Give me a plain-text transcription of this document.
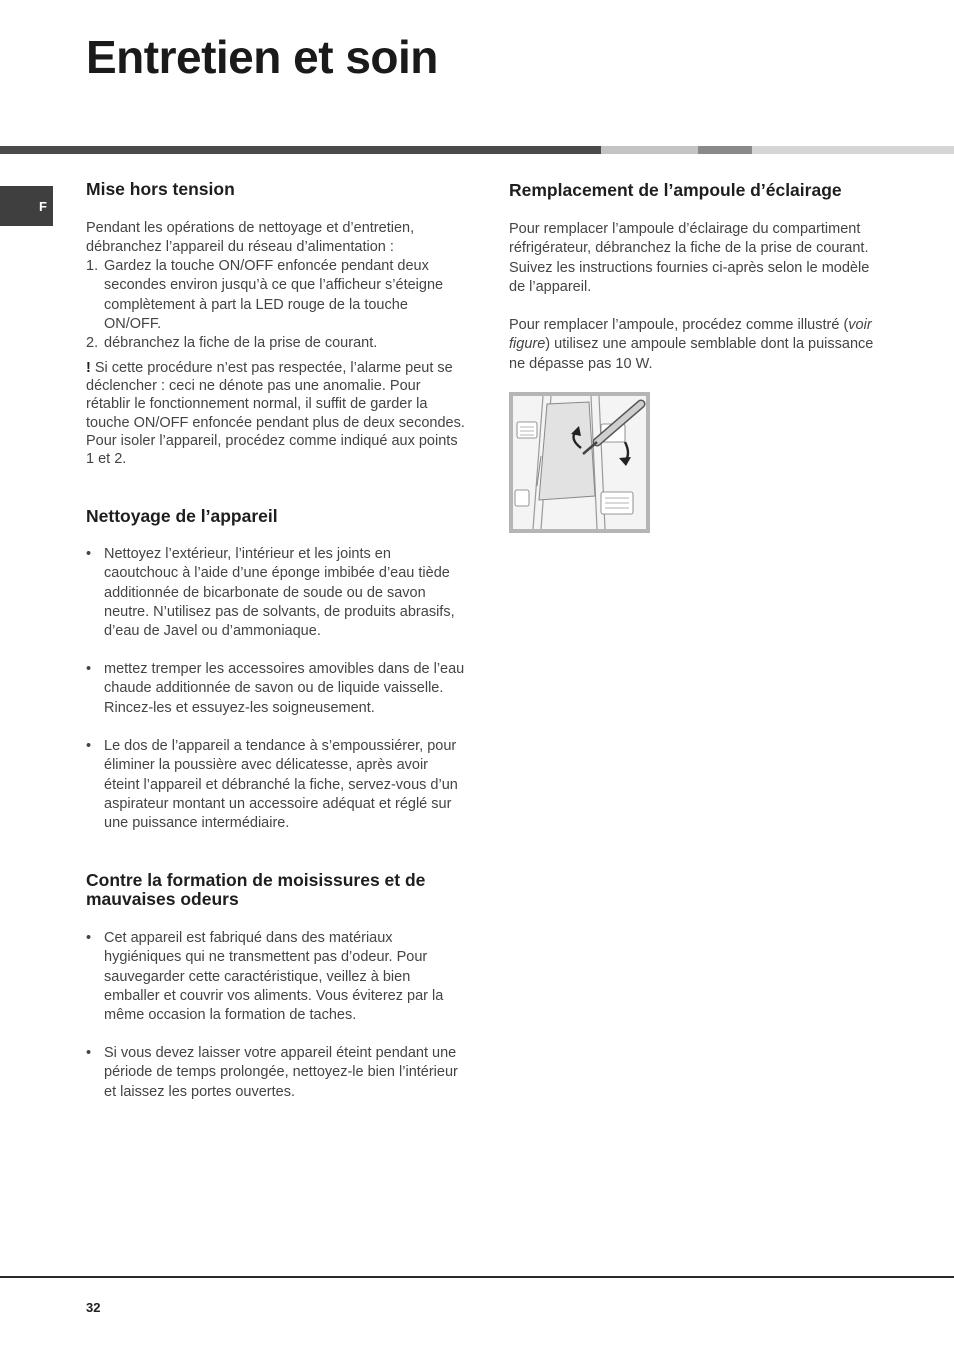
Entretien et soin
F
Mise hors tension

Pendant les opérations de nettoyage et d’entretien, débranchez l’appareil du réseau d’alimentation :

1. Gardez la touche ON/OFF enfoncée pendant deux secondes environ jusqu’à ce que l’afficheur s’éteigne complètement à part la LED rouge de la touche ON/OFF.
2. débranchez la fiche de la prise de courant.

! Si cette procédure n’est pas respectée, l’alarme peut se déclencher : ceci ne dénote pas une anomalie. Pour rétablir le fonctionnement normal, il suffit de garder la touche ON/OFF enfoncée pendant plus de deux secondes. Pour isoler l’appareil, procédez comme indiqué aux points 1 et 2.

Nettoyage de l’appareil
• Nettoyez l’extérieur, l’intérieur et les joints en caoutchouc à l’aide d’une éponge imbibée d’eau tiède additionnée de bicarbonate de soude ou de savon neutre. N’utilisez pas de solvants, de produits abrasifs, d’eau de Javel ou d’ammoniaque.
• mettez tremper les accessoires amovibles dans de l’eau chaude additionnée de savon ou de liquide vaisselle. Rincez-les et essuyez-les soigneusement.
• Le dos de l’appareil a tendance à s’empoussiérer, pour éliminer la poussière avec délicatesse, après avoir éteint l’appareil et débranché la fiche, servez-vous d’un aspirateur montant un accessoire adéquat et réglé sur une puissance intermédiaire.
Contre la formation de moisissures et de mauvaises odeurs
• Cet appareil est fabriqué dans des matériaux hygiéniques qui ne transmettent pas d’odeur. Pour sauvegarder cette caractéristique, veillez à bien emballer et couvrir vos aliments. Vous éviterez par la même occasion la formation de taches.
• Si vous devez laisser votre appareil éteint pendant une période de temps prolongée, nettoyez-le bien l’intérieur et laissez les portes ouvertes.
Remplacement de l’ampoule d’éclairage

Pour remplacer l’ampoule d’éclairage du compartiment réfrigérateur, débranchez la fiche de la prise de courant. Suivez les instructions fournies ci-après selon le modèle de l’appareil.

Pour remplacer l’ampoule, procédez comme illustré (voir figure) utilisez une ampoule semblable dont la puissance ne dépasse pas 10 W.

32
